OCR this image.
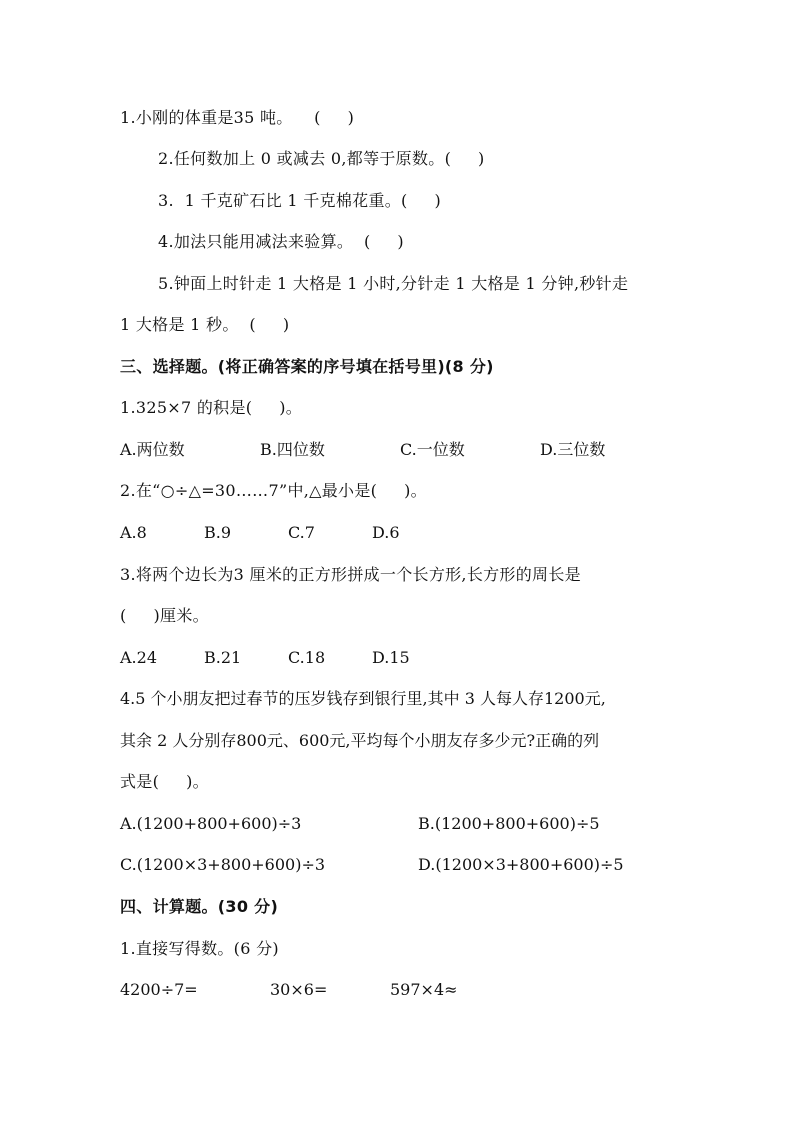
1.小刚的体重是35 吨。    (     )
2.任何数加上 0 或减去 0,都等于原数。(     )
3.  1 千克矿石比 1 千克棉花重。(     )
4.加法只能用减法来验算。  (     )
5.钟面上时针走 1 大格是 1 小时,分针走 1 大格是 1 分钟,秒针走
1 大格是 1 秒。  (     )
三、选择题。(将正确答案的序号填在括号里)(8 分)
1.325×7 的积是(     )。
A.两位数	B.四位数	C.一位数	D.三位数
2.在“○÷△=30……7”中,△最小是(     )。
A.8	B.9	C.7	D.6
3.将两个边长为3 厘米的正方形拼成一个长方形,长方形的周长是
(     )厘米。
A.24	B.21	C.18	D.15
4.5 个小朋友把过春节的压岁钱存到银行里,其中 3 人每人存1200元,
其余 2 人分别存800元、600元,平均每个小朋友存多少元?正确的列
式是(     )。
A.(1200+800+600)÷3	B.(1200+800+600)÷5
C.(1200×3+800+600)÷3	D.(1200×3+800+600)÷5
四、计算题。(30 分)
1.直接写得数。(6 分)
4200÷7=	30×6=	597×4≈
